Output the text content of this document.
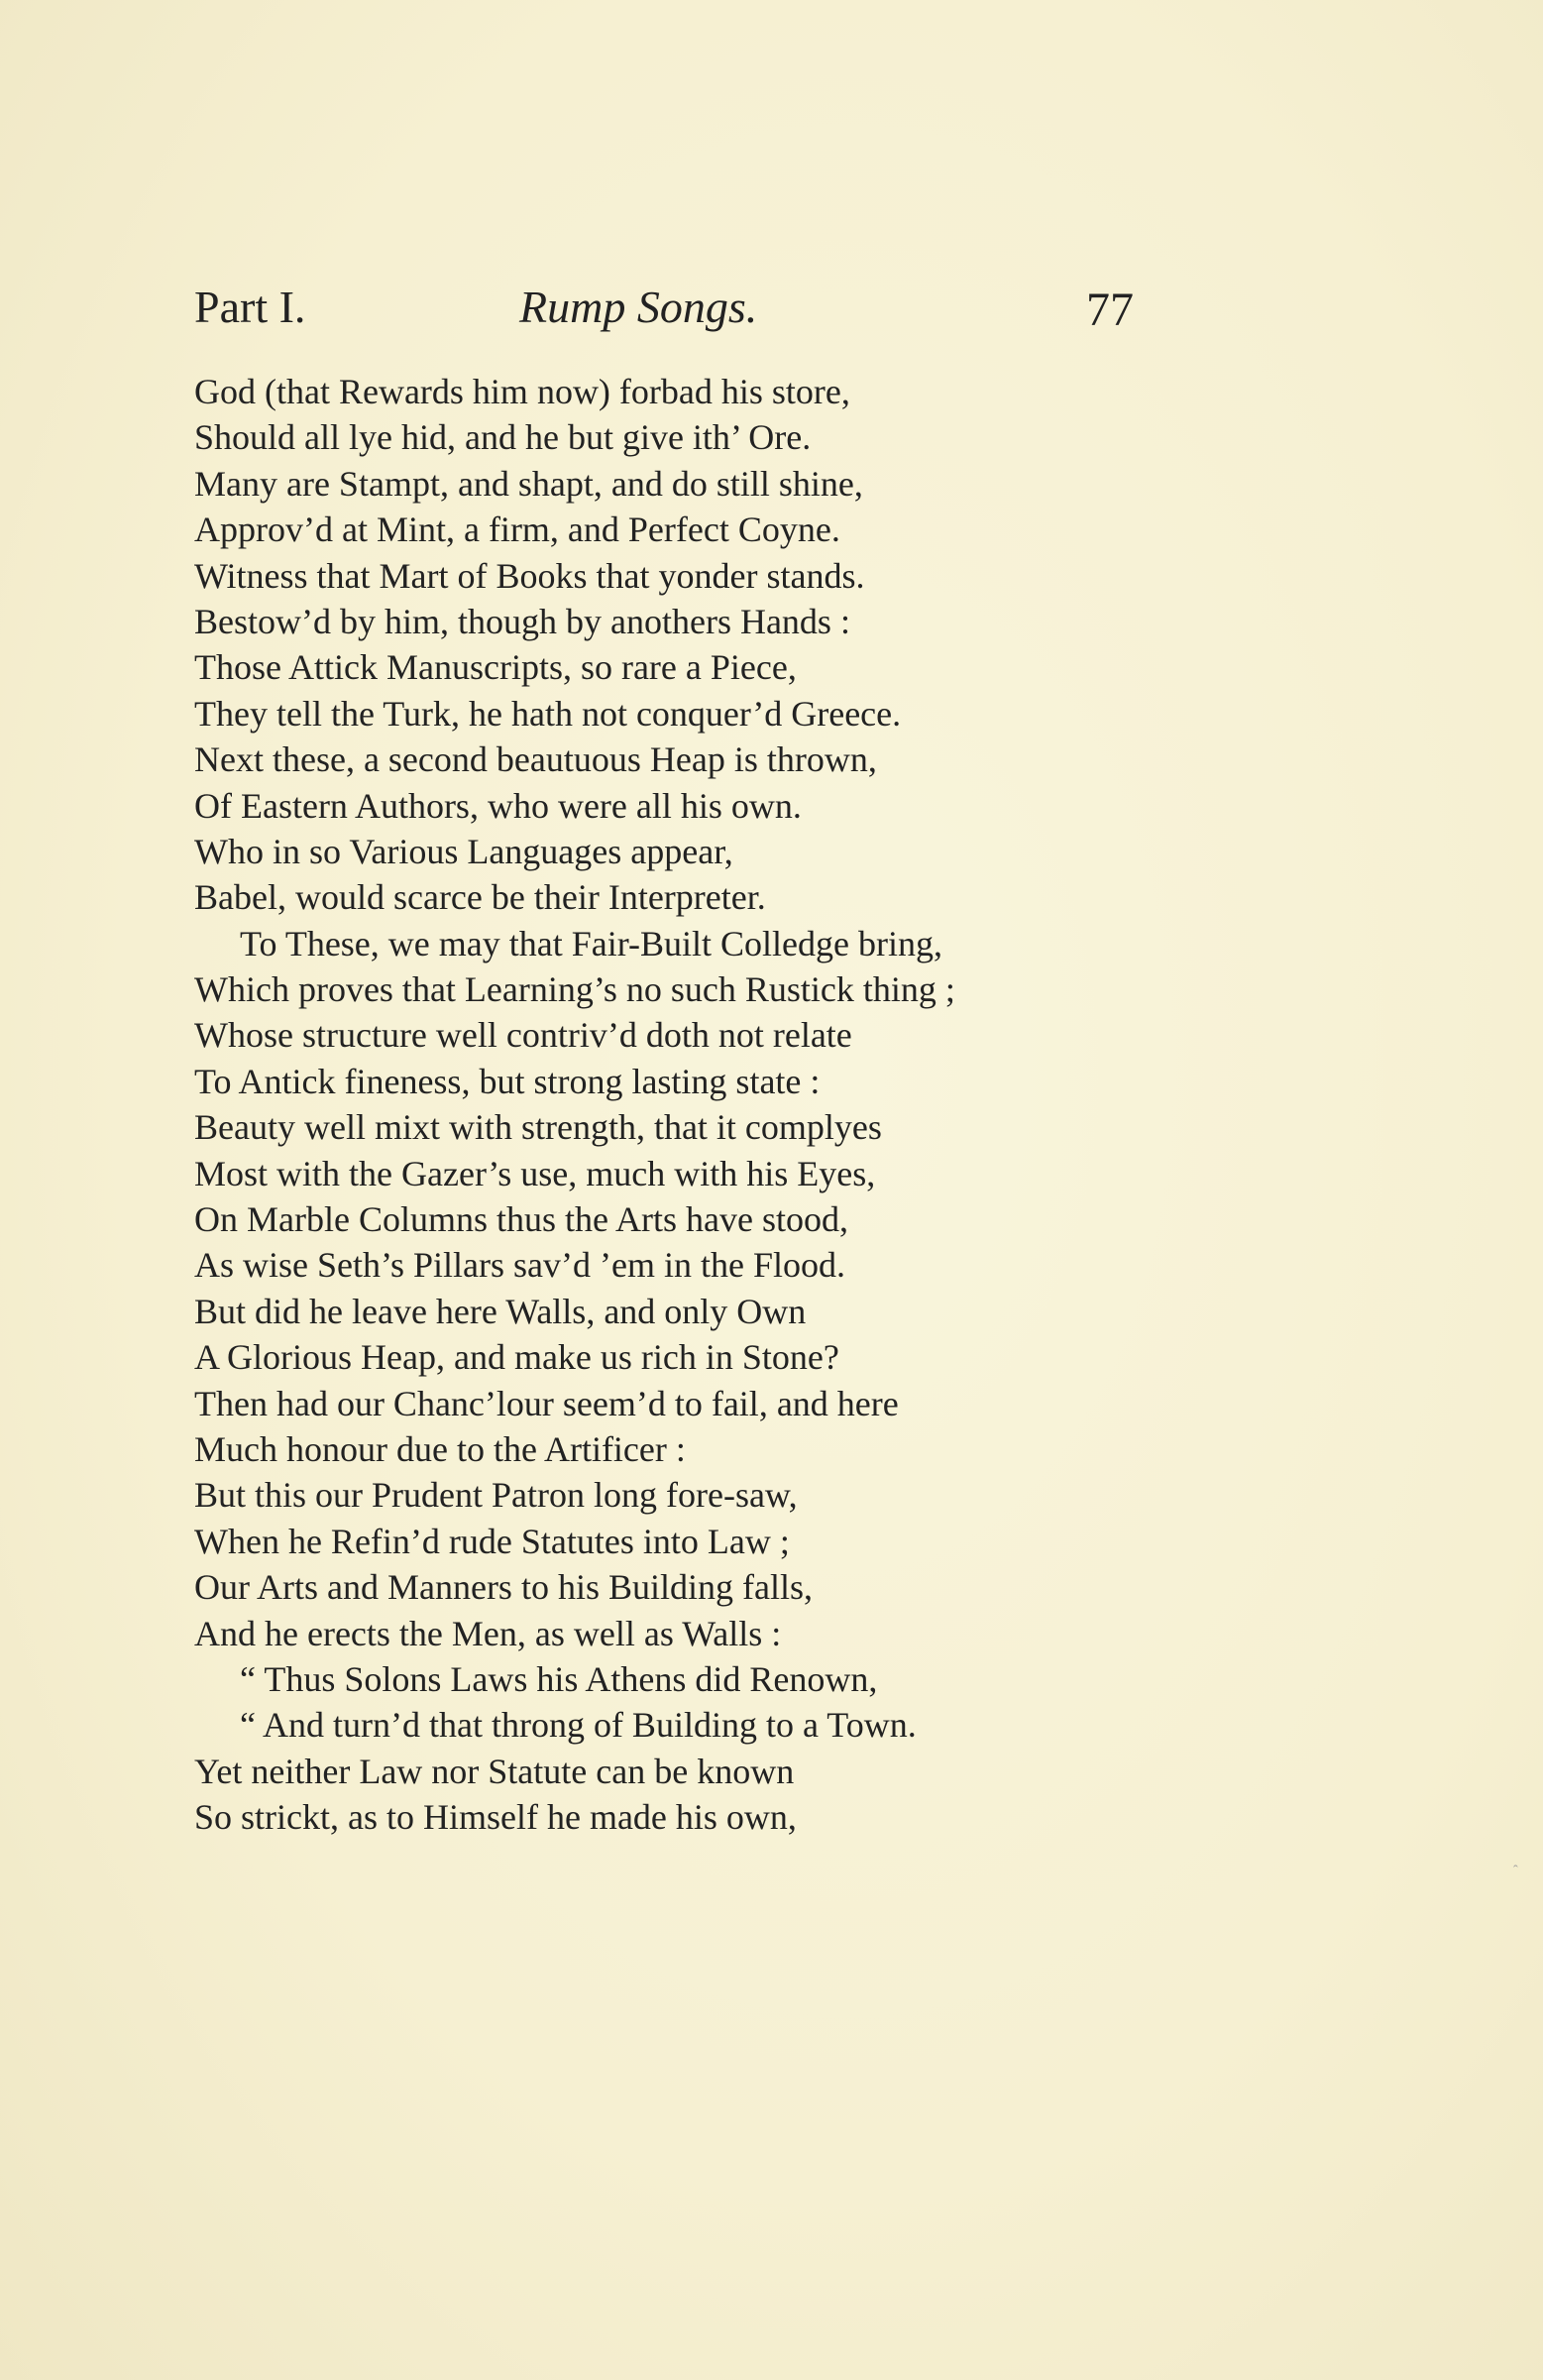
Part I.	Rump Songs.	77
God (that Rewards him now) forbad his store,
Should all lye hid, and he but give ith’ Ore.
Many are Stampt, and shapt, and do still shine,
Approv’d at Mint, a firm, and Perfect Coyne.
Witness that Mart of Books that yonder stands.
Bestow’d by him, though by anothers Hands :
Those Attick Manuscripts, so rare a Piece,
They tell the Turk, he hath not conquer’d Greece.
Next these, a second beautuous Heap is thrown,
Of Eastern Authors, who were all his own.
Who in so Various Languages appear,
Babel, would scarce be their Interpreter.
To These, we may that Fair-Built Colledge bring,
Which proves that Learning’s no such Rustick thing ;
Whose structure well contriv’d doth not relate
To Antick fineness, but strong lasting state :
Beauty well mixt with strength, that it complyes
Most with the Gazer’s use, much with his Eyes,
On Marble Columns thus the Arts have stood,
As wise Seth’s Pillars sav’d ’em in the Flood.
But did he leave here Walls, and only Own
A Glorious Heap, and make us rich in Stone?
Then had our Chanc’lour seem’d to fail, and here
Much honour due to the Artificer :
But this our Prudent Patron long fore-saw,
When he Refin’d rude Statutes into Law ;
Our Arts and Manners to his Building falls,
And he erects the Men, as well as Walls :
“ Thus Solons Laws his Athens did Renown,
“ And turn’d that throng of Building to a Town.
Yet neither Law nor Statute can be known
So strickt, as to Himself he made his own,
ˆ
